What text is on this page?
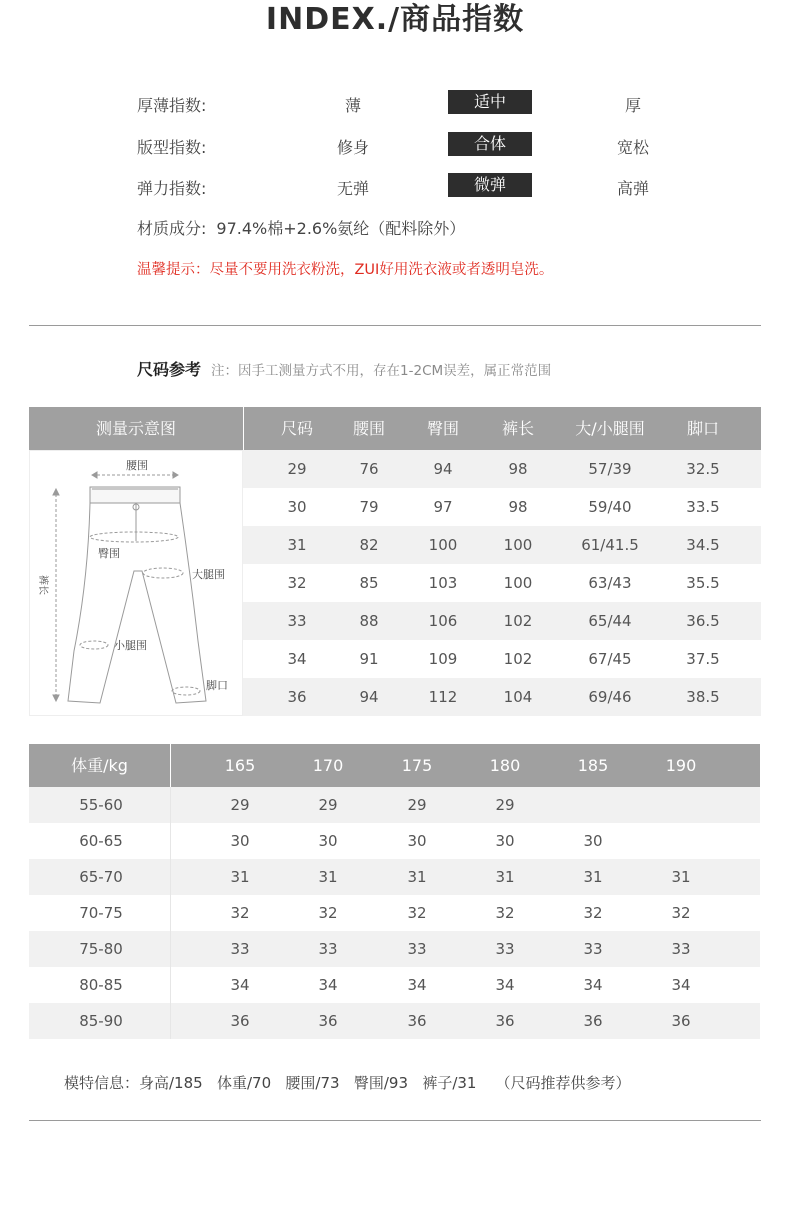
INDEX./商品指数
厚薄指数:	薄	适中	厚
版型指数:	修身	合体	宽松
弹力指数:	无弹	微弹	高弹
材质成分: 97.4%棉+2.6%氨纶（配料除外）
温馨提示：尽量不要用洗衣粉洗，ZUI好用洗衣液或者透明皂洗。
尺码参考 注：因手工测量方式不用，存在1-2CM误差，属正常范围
测量示意图	尺码	腰围	臀围	裤长	大/小腿围	脚口
腰围
臀围
大腿围
小腿围
脚口
裤长
29	76	94	98	57/39	32.5
30	79	97	98	59/40	33.5
31	82	100	100	61/41.5	34.5
32	85	103	100	63/43	35.5
33	88	106	102	65/44	36.5
34	91	109	102	67/45	37.5
36	94	112	104	69/46	38.5
体重/kg	165	170	175	180	185	190
55-60	29	29	29	29
60-65	30	30	30	30	30
65-70	31	31	31	31	31	31
70-75	32	32	32	32	32	32
75-80	33	33	33	33	33	33
80-85	34	34	34	34	34	34
85-90	36	36	36	36	36	36
模特信息：身高/185   体重/70   腰围/73   臀围/93   裤子/31    （尺码推荐供参考）
